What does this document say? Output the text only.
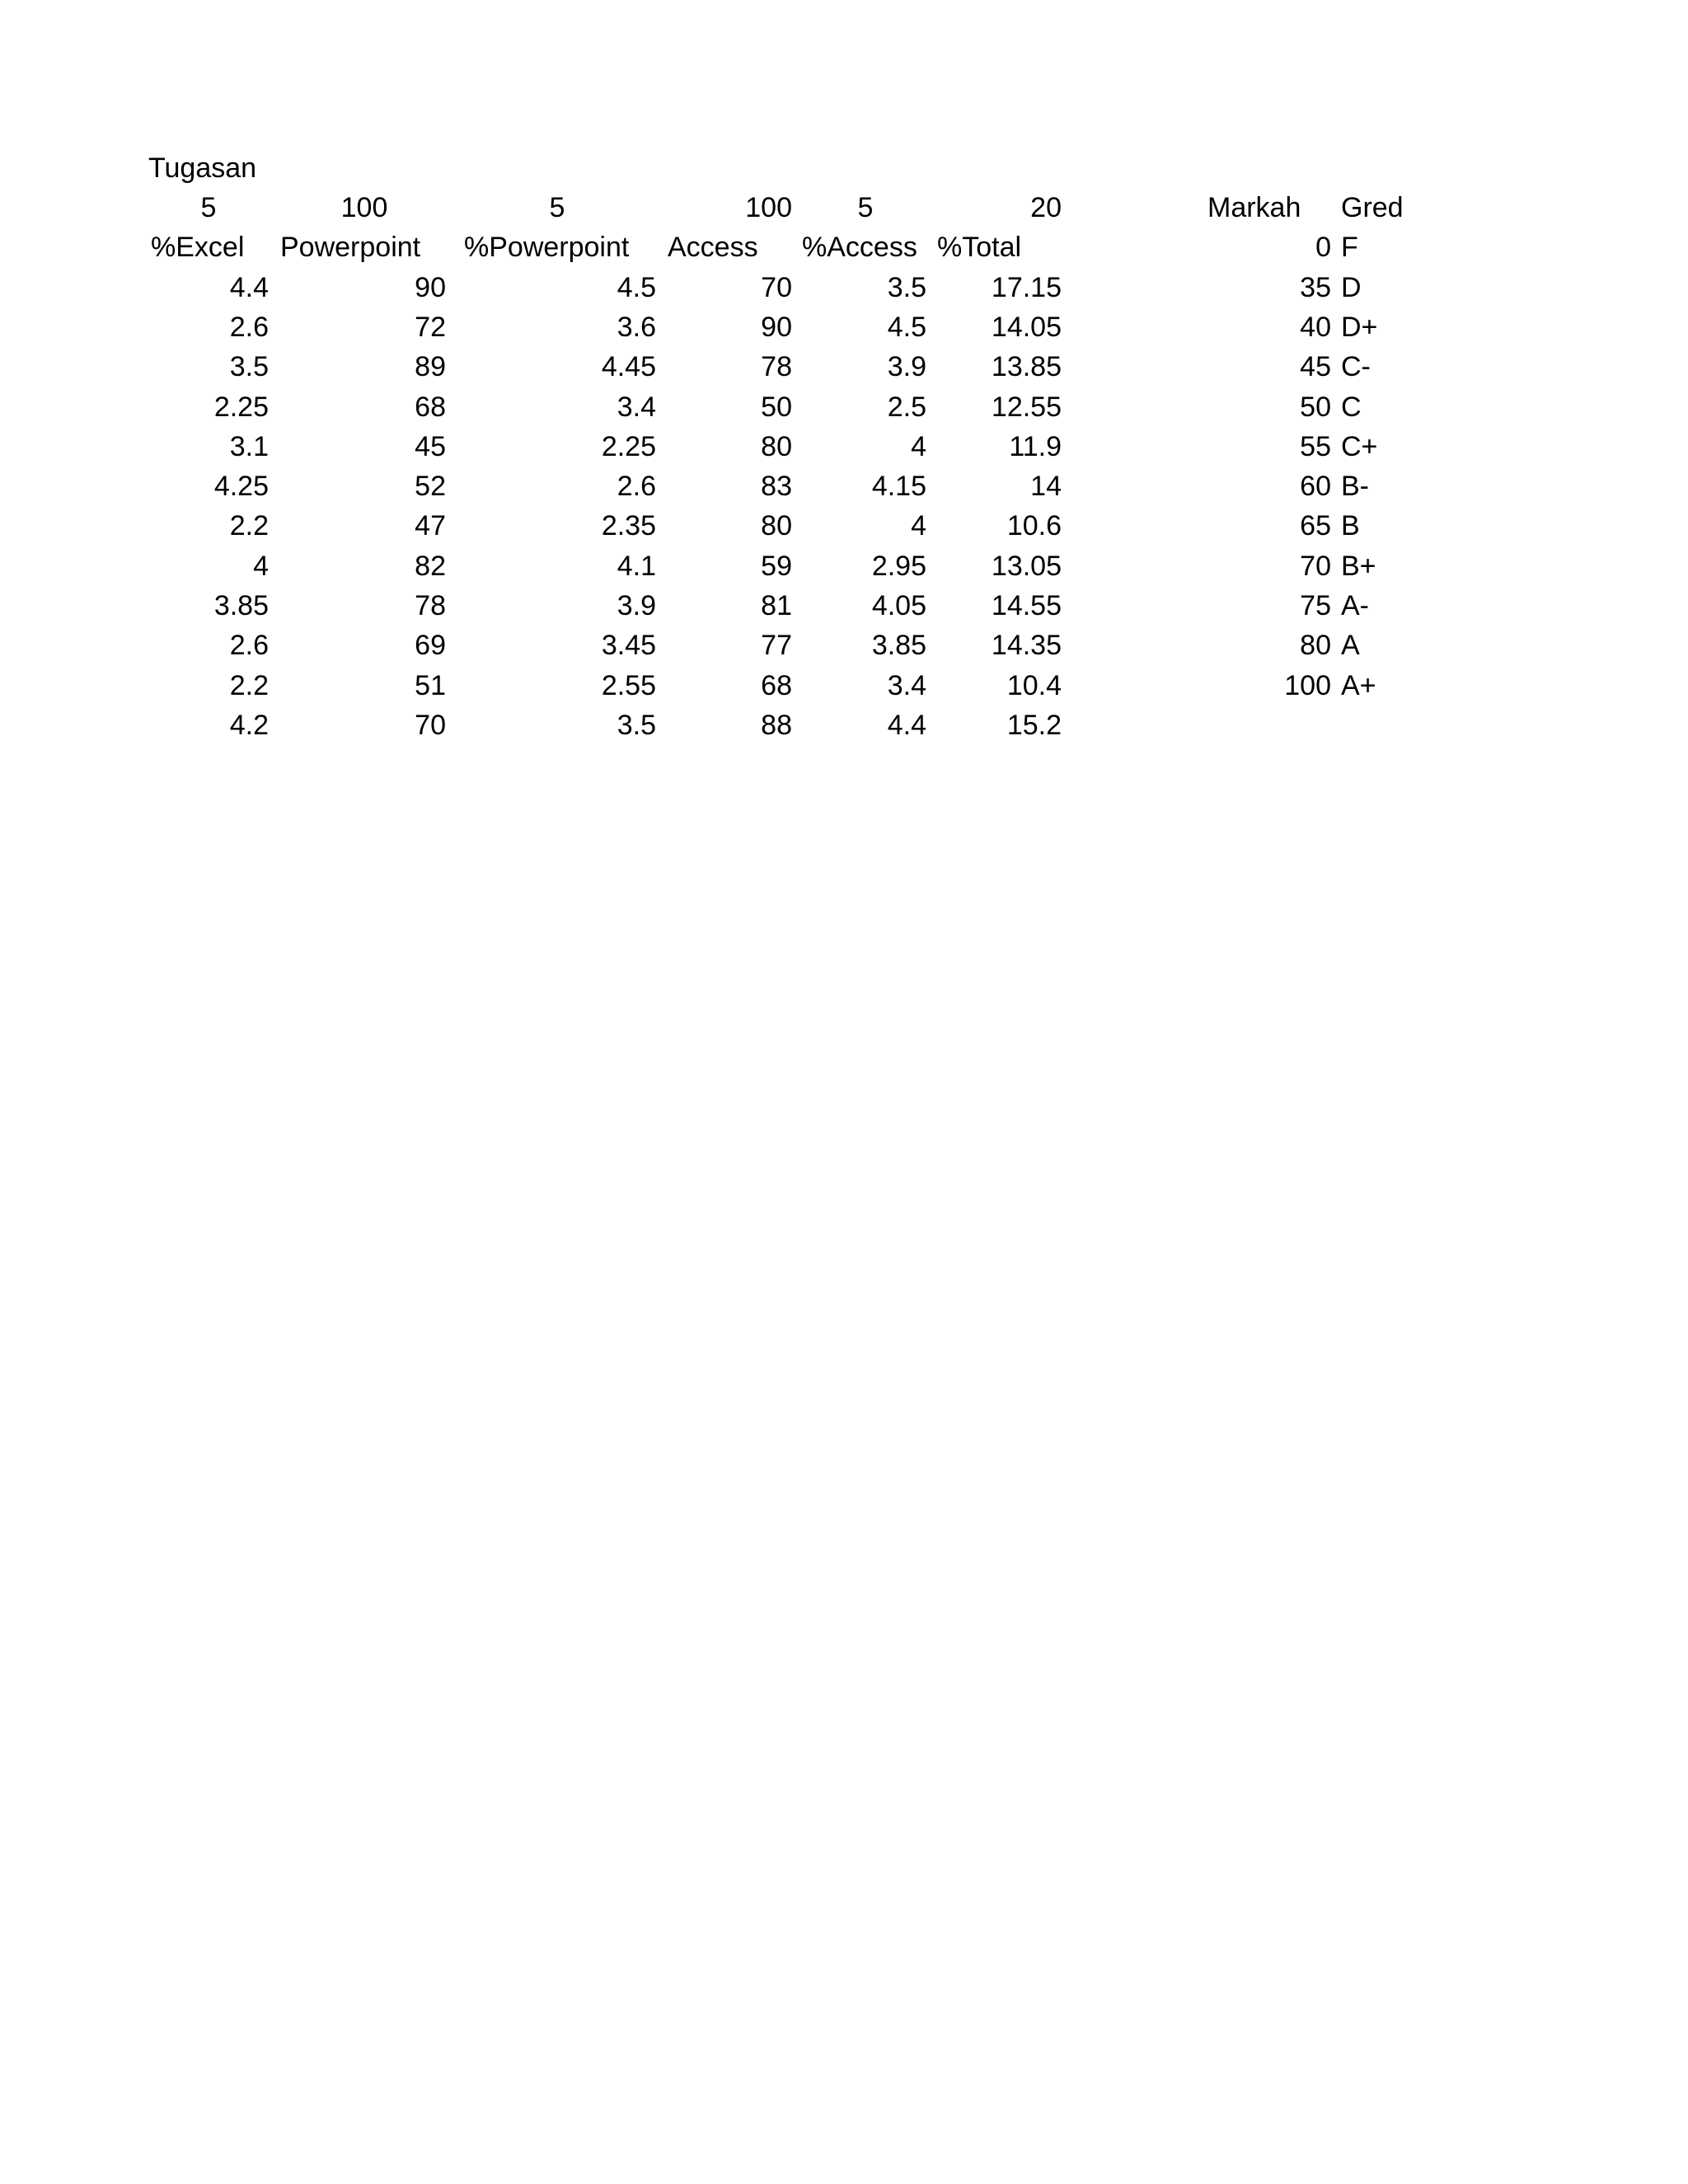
Tugasan
5	100	5	100	5	20
%Excel	Powerpoint	%Powerpoint	Access	%Access %Total
4.4	90	4.5	70	3.5	17.15
2.6	72	3.6	90	4.5	14.05
3.5	89	4.45	78	3.9	13.85
2.25	68	3.4	50	2.5	12.55
3.1	45	2.25	80	4	11.9
4.25	52	2.6	83	4.15	14
2.2	47	2.35	80	4	10.6
4	82	4.1	59	2.95	13.05
3.85	78	3.9	81	4.05	14.55
2.6	69	3.45	77	3.85	14.35
2.2	51	2.55	68	3.4	10.4
4.2	70	3.5	88	4.4	15.2
Markah	Gred
0 F
35 D
40 D+
45 C-
50 C
55 C+
60 B-
65 B
70 B+
75 A-
80 A
100 A+
